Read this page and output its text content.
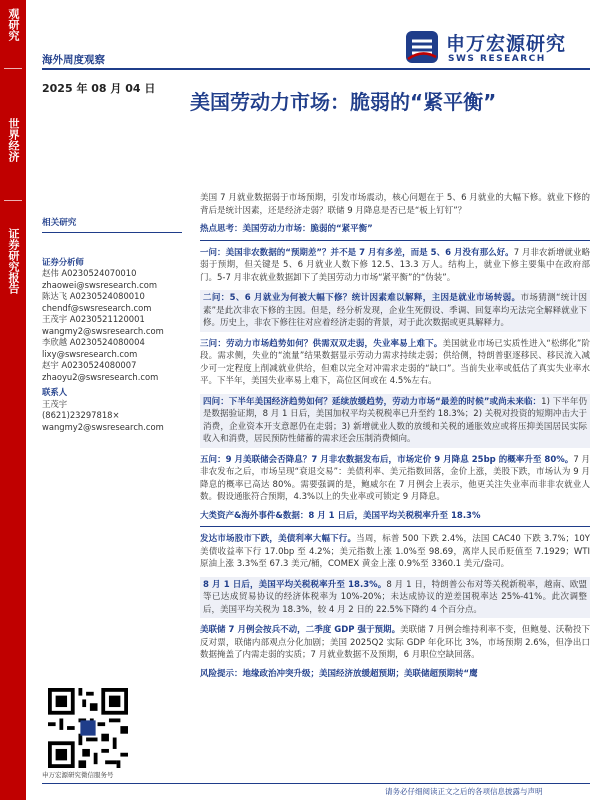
观研究
世界经济
证券研究报告
申万宏源研究
SWS RESEARCH
海外周度观察
2025 年 08 月 04 日
美国劳动力市场：脆弱的“紧平衡”
相关研究
证券分析师
赵伟 A0230524070010
zhaowei@swsresearch.com
陈达飞 A0230524080010
chendf@swsresearch.com
王茂宇 A0230521120001
wangmy2@swsresearch.com
李欣越 A0230524080004
lixy@swsresearch.com
赵宇 A0230524080007
zhaoyu2@swsresearch.com
联系人
王茂宇
(8621)23297818×
wangmy2@swsresearch.com
申万宏源研究微信服务号

美国 7 月就业数据弱于市场预期，引发市场震动，核心问题在于 5、6 月就业的大幅下修。就业下修的背后是统计因素，还是经济走弱？联储 9 月降息是否已是“板上钉钉”？

热点思考：美国劳动力市场：脆弱的“紧平衡”

一问：美国非农数据的“预期差”？并不是 7 月有多差，而是 5、6 月没有那么好。7 月非农新增就业略弱于预期，但关键是 5、6 月就业人数下修 12.5、13.3 万人。结构上，就业下修主要集中在政府部门。5-7 月非农就业数据卸下了美国劳动力市场“紧平衡”的“伪装”。

二问：5、6 月就业为何被大幅下修？统计因素难以解释，主因是就业市场转弱。市场猜测“统计因素”是此次非农下修的主因。但是，经分析发现，企业生死假设、季调、回复率均无法完全解释就业下修。历史上，非农下修往往对应着经济走弱的背景，对于此次数据或更具解释力。

三问：劳动力市场趋势如何？供需双双走弱，失业率易上难下。美国就业市场已实质性进入“松绑化”阶段。需求侧，失业的“流量”结果数据显示劳动力需求持续走弱；供给侧，特朗普驱逐移民、移民流入减少可一定程度上削减就业供给，但难以完全对冲需求走弱的“缺口”。当前失业率或低估了真实失业率水平。下半年，美国失业率易上难下，高位区间或在 4.5%左右。

四问：下半年美国经济趋势如何？延续放缓趋势，劳动力市场“最差的时候”或尚未来临：1) 下半年仍是数据验证期，8 月 1 日后，美国加权平均关税税率已升至约 18.3%；2) 关税对投资的短期冲击大于消费，企业资本开支意愿仍在走弱；3) 新增就业人数的放缓和关税的通胀效应或将压抑美国居民实际收入和消费，居民预防性储蓄的需求还会压制消费倾向。

五问：9 月美联储会否降息？7 月非农数据发布后，市场定价 9 月降息 25bp 的概率升至 80%。7 月非农发布之后，市场呈现“衰退交易”：美债利率、美元指数回落，金价上涨，美股下跌，市场认为 9 月降息的概率已高达 80%。需要强调的是，鲍威尔在 7 月例会上表示，他更关注失业率而非非农就业人数。假设通胀符合预期，4.3%以上的失业率或可锁定 9 月降息。

大类资产&海外事件&数据：8 月 1 日后，美国平均关税税率升至 18.3%

发达市场股市下跌，美债利率大幅下行。当周，标普 500 下跌 2.4%，法国 CAC40 下跌 3.7%；10Y 美债收益率下行 17.0bp 至 4.2%；美元指数上涨 1.0%至 98.69，离岸人民币贬值至 7.1929；WTI 原油上涨 3.3%至 67.3 美元/桶，COMEX 黄金上涨 0.9%至 3360.1 美元/盎司。

8 月 1 日后，美国平均关税税率升至 18.3%。8 月 1 日，特朗普公布对等关税新税率，越南、欧盟等已达成贸易协议的经济体税率为 10%-20%；未达成协议的逆差国税率达 25%-41%。此次调整后，美国平均关税为 18.3%，较 4 月 2 日的 22.5%下降约 4 个百分点。

美联储 7 月例会按兵不动，二季度 GDP 强于预期。美联储 7 月例会维持利率不变，但鲍曼、沃勒投下反对票，联储内部观点分化加剧；美国 2025Q2 实际 GDP 年化环比 3%，市场预期 2.6%，但净出口数据掩盖了内需走弱的实质；7 月就业数据不及预期，6 月职位空缺回落。

风险提示：地缘政治冲突升级；美国经济放缓超预期；美联储超预期转“鹰

请务必仔细阅读正文之后的各项信息披露与声明
